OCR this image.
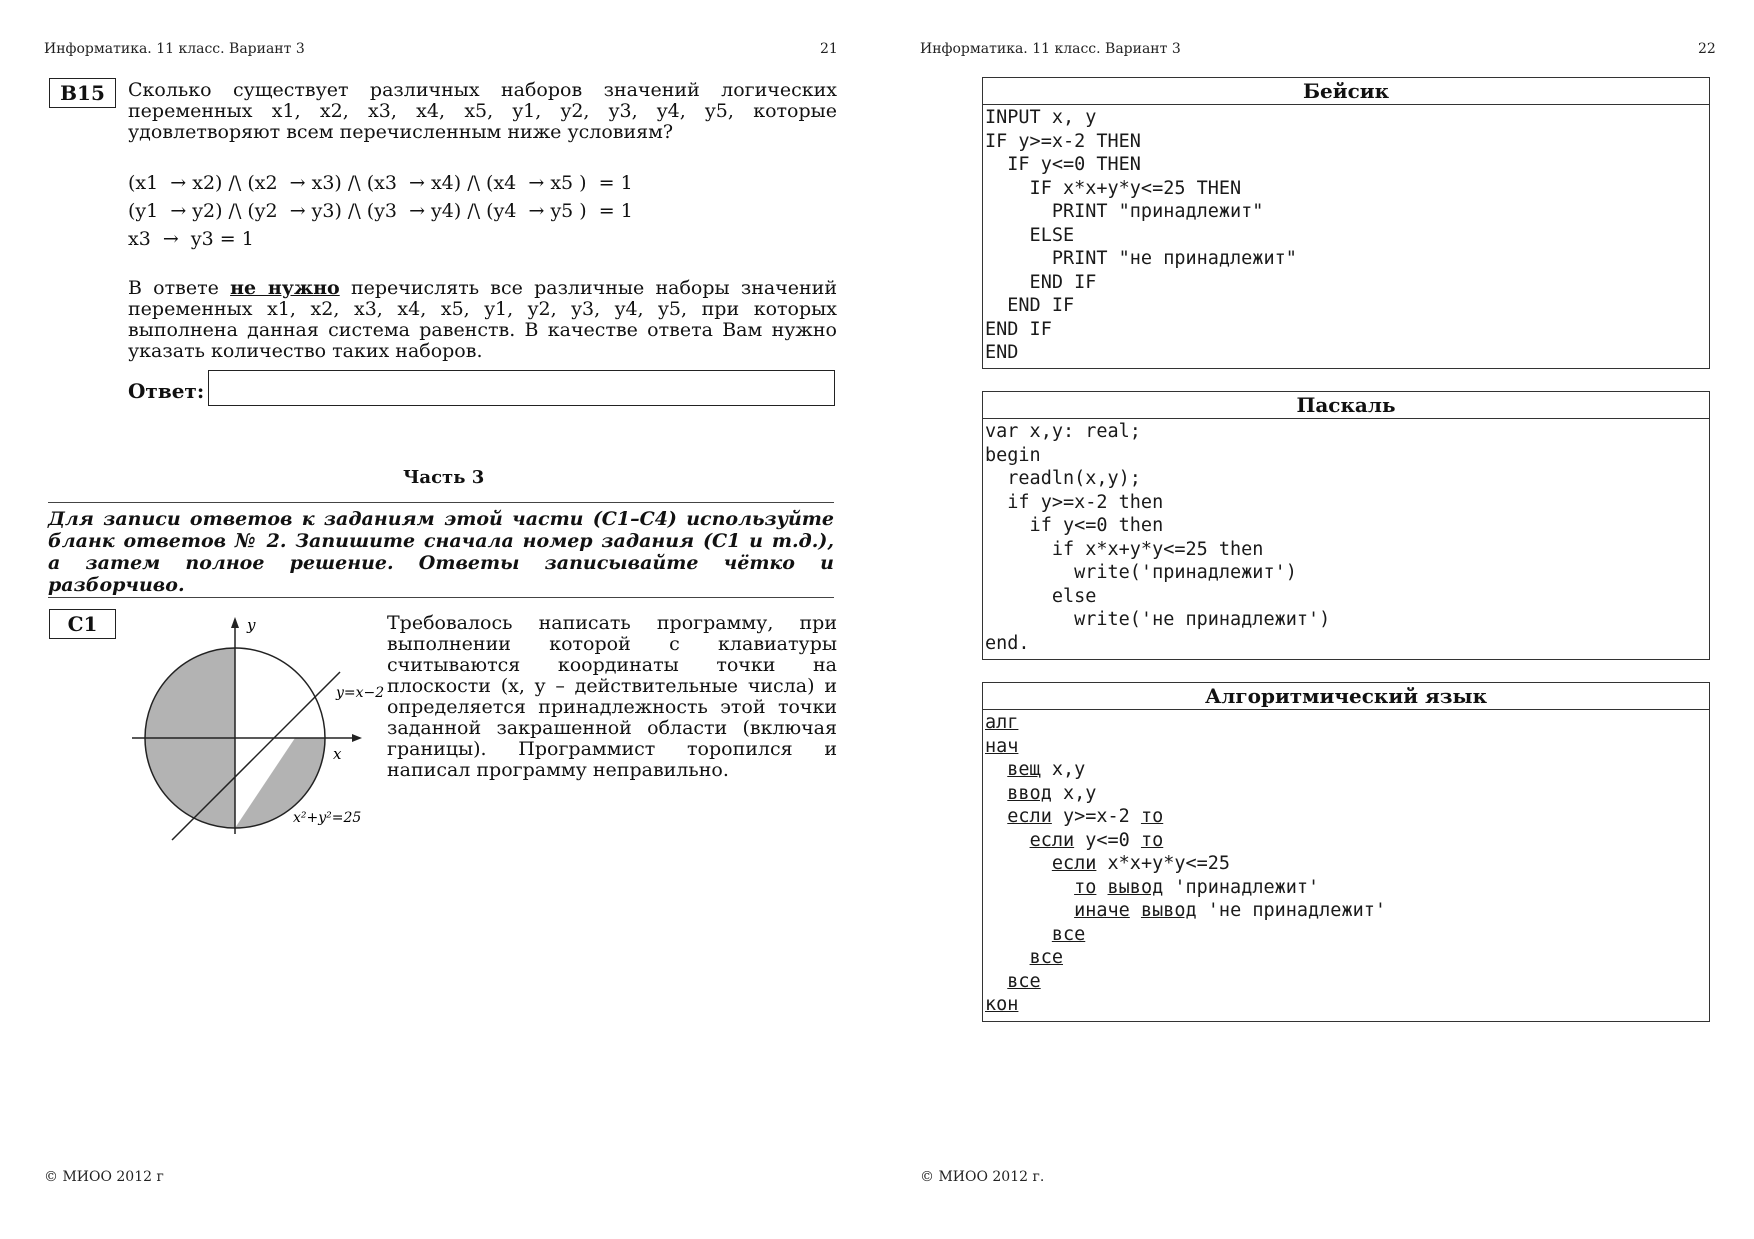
Информатика. 11 класс. Вариант 3	21
B15	Сколько существует различных наборов значений логических

переменных x1, x2, x3, x4, x5, y1, y2, y3, y4, y5, которые

удовлетворяют всем перечисленным ниже условиям?

(x1  → x2) /\ (x2  → x3) /\ (x3  → x4) /\ (x4  → x5 )  = 1
(y1  → y2) /\ (y2  → y3) /\ (y3  → y4) /\ (y4  → y5 )  = 1
x3  →  y3 = 1

В ответе не нужно перечислять все различные наборы значений

переменных x1, x2, x3, x4, x5, y1, y2, y3, y4, y5, при которых

выполнена данная система равенств. В качестве ответа Вам нужно

указать количество таких наборов.

Ответ:
Часть 3
Для записи ответов к заданиям этой части (С1–С4) используйте
бланк ответов № 2. Запишите сначала номер задания (С1 и т.д.),
а затем полное решение. Ответы записывайте чётко и
разборчиво.
С1	y
x
y=x−2
x²+y²=25

Требовалось написать программу, при

выполнении которой с клавиатуры

считываются координаты точки на

плоскости (x, y – действительные числа) и

определяется принадлежность этой точки

заданной закрашенной области (включая

границы). Программист торопился и

написал программу неправильно.

© МИОО 2012 г
Информатика. 11 класс. Вариант 3	22
Бейсик
INPUT x, y
IF y>=x-2 THEN
IF y<=0 THEN
IF x*x+y*y<=25 THEN
PRINT "принадлежит"
ELSE
PRINT "не принадлежит"
END IF
END IF
END IF
END
Паскаль
var x,y: real;
begin
readln(x,y);
if y>=x-2 then
if y<=0 then
if x*x+y*y<=25 then
write('принадлежит')
else
write('не принадлежит')
end.
Алгоритмический язык
алг
нач
вещ x,y
ввод x,y
если y>=x-2 то
если y<=0 то
если x*x+y*y<=25
то вывод 'принадлежит'
иначе вывод 'не принадлежит'
все
все
все
кон
© МИОО 2012 г.
